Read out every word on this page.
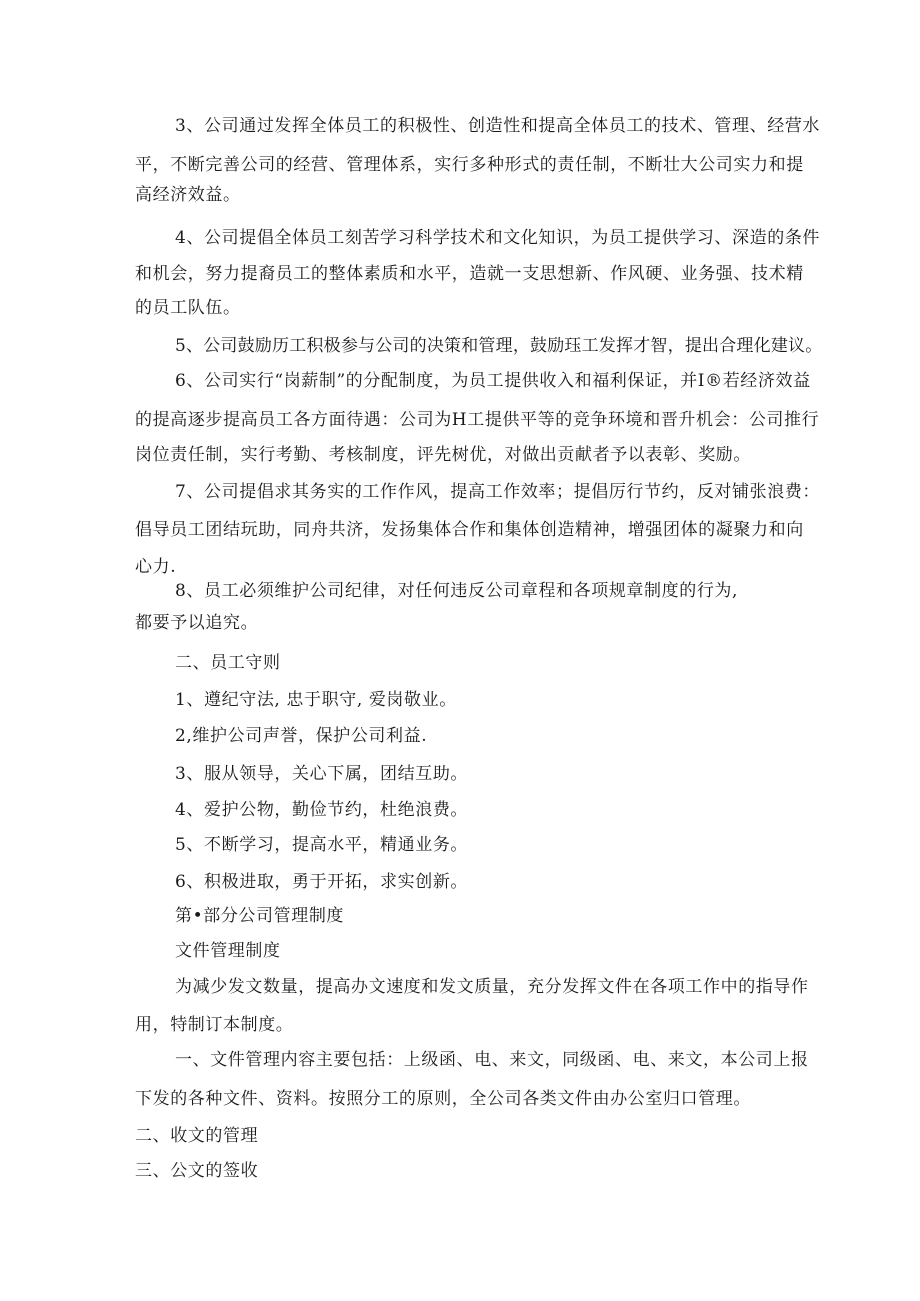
3、公司通过发挥全体员工的积极性、创造性和提高全体员工的技术、管理、经营水
平，不断完善公司的经营、管理体系，实行多种形式的责任制，不断壮大公司实力和提
高经济效益。
4、公司提倡全体员工刻苦学习科学技术和文化知识，为员工提供学习、深造的条件
和机会，努力提裔员工的整体素质和水平，造就一支思想新、作风硬、业务强、技术精
的员工队伍。
5、公司鼓励历工积极参与公司的决策和管理，鼓励珏工发挥才智，提出合理化建议。
6、公司实行“岗薪制”的分配制度，为员工提供收入和福利保证，并I®若经济效益
的提高逐步提高员工各方面待遇：公司为H工提供平等的竞争环境和晋升机会：公司推行
岗位责任制，实行考勤、考核制度，评先树优，对做出贡献者予以表彰、奖励。
7、公司提倡求其务实的工作作风，提高工作效率；提倡厉行节约，反对铺张浪费：
倡导员工团结玩助，同舟共济，发扬集体合作和集体创造精神，增强团体的凝聚力和向
心力.
8、员工必须维护公司纪律，对任何违反公司章程和各项规章制度的行为,
都要予以追究。
二、员工守则
1、遵纪守法, 忠于职守, 爱岗敬业。
2,维护公司声誉，保护公司利益.
3、服从领导，关心下属，团结互助。
4、爱护公物，勤俭节约，杜绝浪费。
5、不断学习，提高水平，精通业务。
6、积极进取，勇于开拓，求实创新。
第•部分公司管理制度
文件管理制度
为减少发文数量，提高办文速度和发文质量，充分发挥文件在各项工作中的指导作
用，特制订本制度。
一、文件管理内容主要包括：上级函、电、来文，同级函、电、来文，本公司上报
下发的各种文件、资料。按照分工的原则，全公司各类文件由办公室归口管理。
二、收文的管理
三、公文的签收
